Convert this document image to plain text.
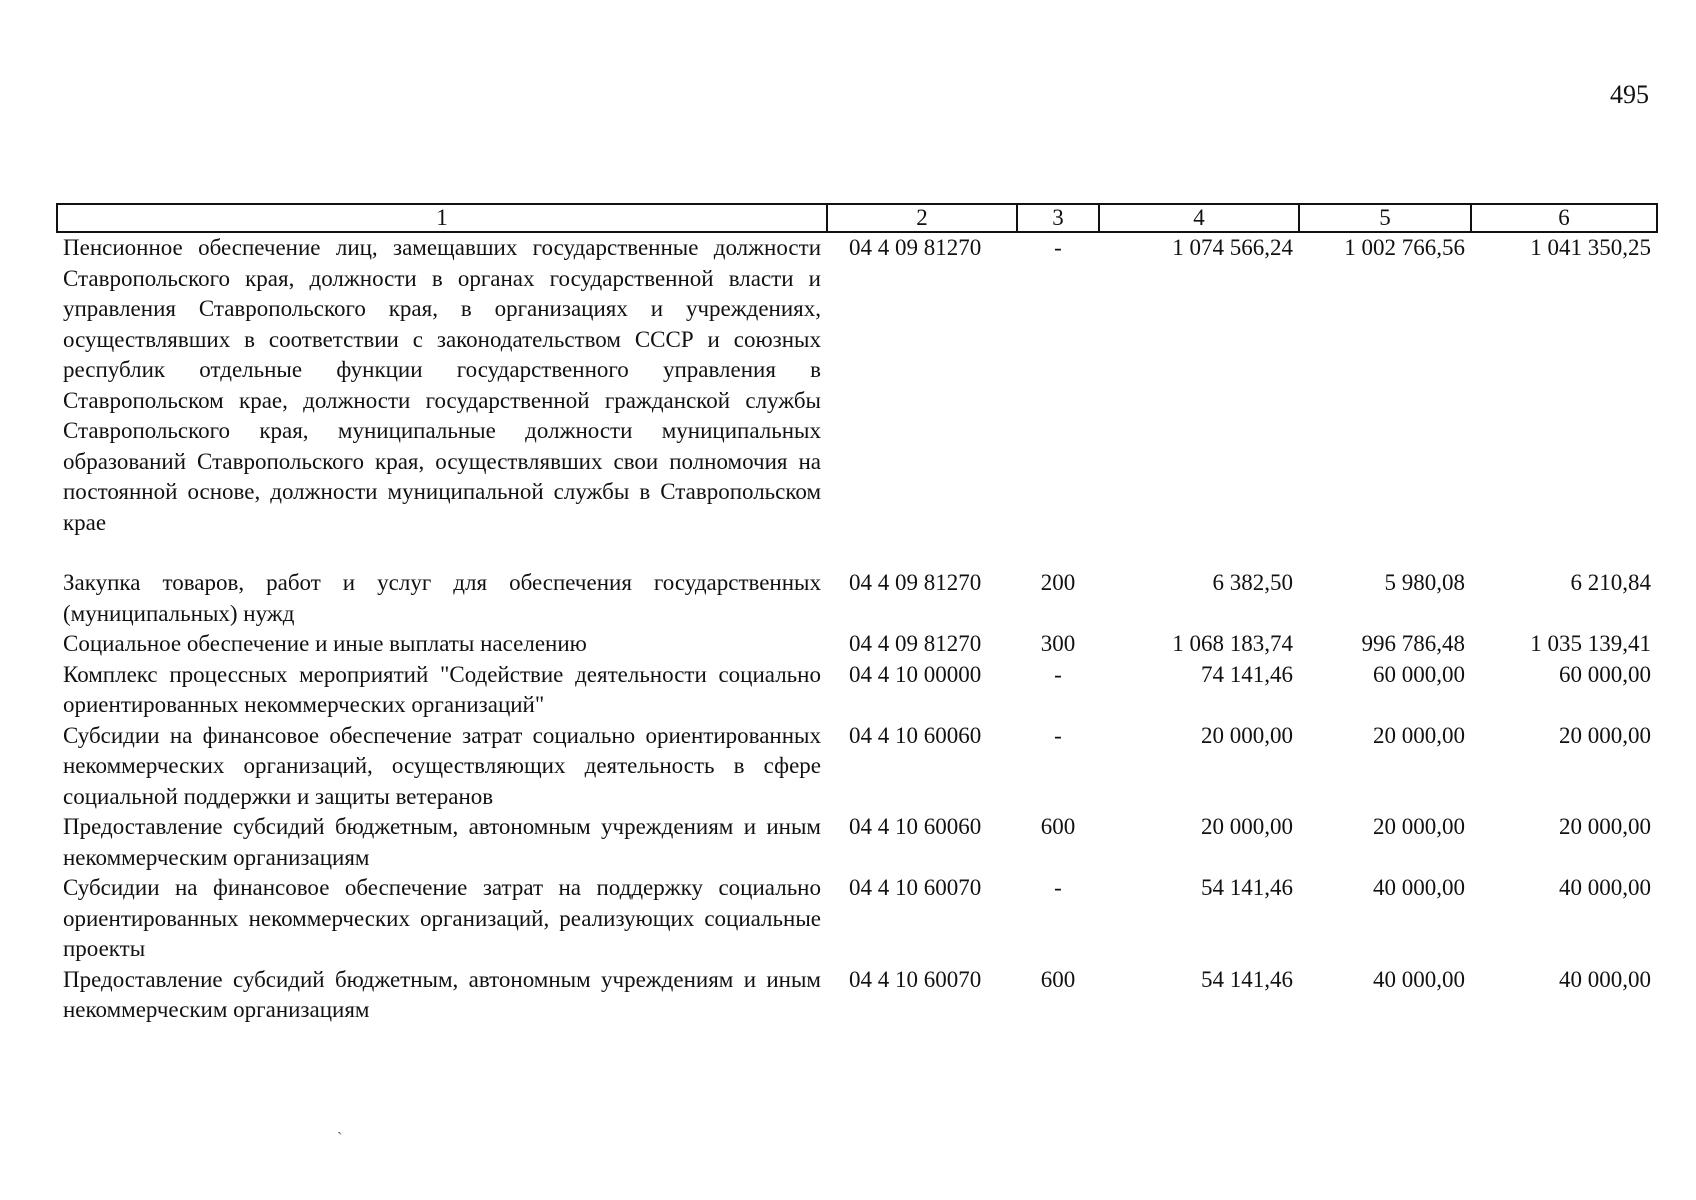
495
1	2	3	4	5	6
Пенсионное обеспечение лиц, замещавших государственные должности Ставропольского края, должности в органах государственной власти и управления Ставропольского края, в организациях и учреждениях, осуществлявших в соответствии с законодательством СССР и союзных республик отдельные функции государственного управления в Ставропольском крае, должности государственной гражданской службы Ставропольского края, муниципальные должности муниципальных образований Ставропольского края, осуществлявших свои полномочия на постоянной основе, должности муниципальной службы в Ставропольском крае	04 4 09 81270	-	1 074 566,24	1 002 766,56	1 041 350,25
Закупка товаров, работ и услуг для обеспечения государственных (муниципальных) нужд	04 4 09 81270	200	6 382,50	5 980,08	6 210,84
Социальное обеспечение и иные выплаты населению	04 4 09 81270	300	1 068 183,74	996 786,48	1 035 139,41
Комплекс процессных мероприятий "Содействие деятельности социально ориентированных некоммерческих организаций"	04 4 10 00000	-	74 141,46	60 000,00	60 000,00
Субсидии на финансовое обеспечение затрат социально ориентированных некоммерческих организаций, осуществляющих деятельность в сфере социальной поддержки и защиты ветеранов	04 4 10 60060	-	20 000,00	20 000,00	20 000,00
Предоставление субсидий бюджетным, автономным учреждениям и иным некоммерческим организациям	04 4 10 60060	600	20 000,00	20 000,00	20 000,00
Субсидии на финансовое обеспечение затрат на поддержку социально ориентированных некоммерческих организаций, реализующих социальные проекты	04 4 10 60070	-	54 141,46	40 000,00	40 000,00
Предоставление субсидий бюджетным, автономным учреждениям и иным некоммерческим организациям	04 4 10 60070	600	54 141,46	40 000,00	40 000,00
`
